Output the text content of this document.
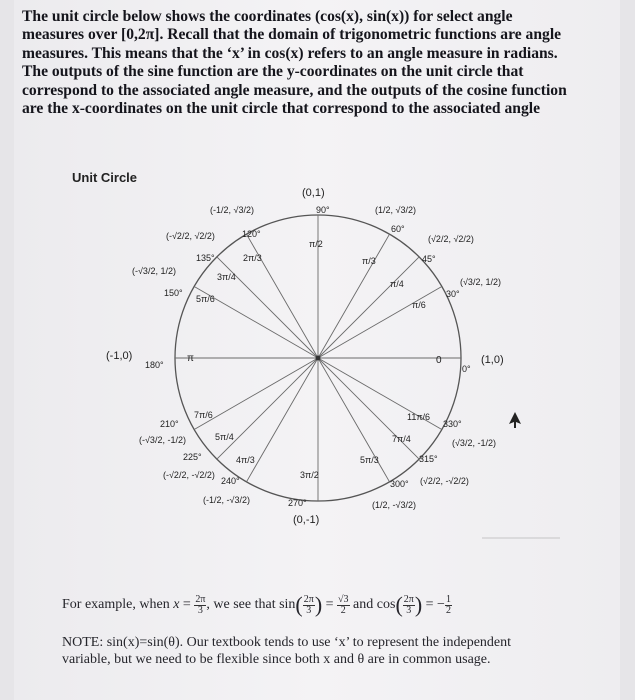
The unit circle below shows the coordinates (cos(x), sin(x)) for select angle
measures over [0,2π]. Recall that the domain of trigonometric functions are angle
measures. This means that the ‘x’ in cos(x) refers to an angle measure in radians.
The outputs of the sine function are the y-coordinates on the unit circle that
correspond to the associated angle measure, and the outputs of the cosine function
are the x-coordinates on the unit circle that correspond to the associated angle
Unit Circle
(0,1)
(-1,0)	(1,0)
(0,-1)
0°
30°
45°
60°
90°
120°
135°
150°
180°
210°
225°
240°
270°
300°
315°
330°
0
π/6
π/4
π/3
π/2
2π/3
3π/4
5π/6
π
7π/6
5π/4
4π/3
3π/2
5π/3
7π/4
11π/6
(√3/2, 1/2)
(√2/2, √2/2)
(1/2, √3/2)
(-1/2, √3/2)
(-√2/2, √2/2)
(-√3/2, 1/2)
(-√3/2, -1/2)
(-√2/2, -√2/2)
(-1/2, -√3/2)	(1/2, -√3/2)
(√2/2, -√2/2)
(√3/2, -1/2)
For example, when $x = \frac{2\pi}{3}$ , we see that $\sin( \frac{2\pi}{3}$ ) = $\frac{√3}{2}$ and $\cos( \frac{2\pi}{3}$ ) = − $\frac{1}{2}$
NOTE: sin(x)=sin(θ). Our textbook tends to use ‘x’ to represent the independent variable, but we need to be flexible since both x and θ are in common usage.
